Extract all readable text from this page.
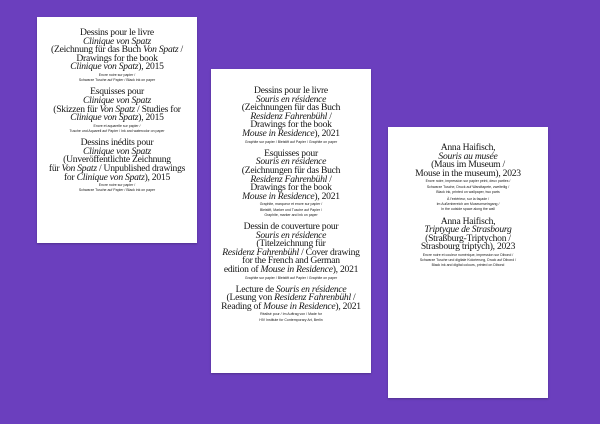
Dessins pour le livre
Clinique von Spatz
(Zeichnung für das Buch Von Spatz /
Drawings for the book
Clinique von Spatz), 2015
Encre noire sur papier /
Schwarze Tusche auf Papier / Black ink on paper
Esquisses pour
Clinique von Spatz
(Skizzen für Von Spatz / Studies for
Clinique von Spatz), 2015
Encre et aquarelle sur papier /
Tusche und Aquarell auf Papier / Ink and watercolor on paper
Dessins inédits pour
Clinique von Spatz
(Unveröffentlichte Zeichnung
für Von Spatz / Unpublished drawings
for Clinique von Spatz), 2015
Encre noire sur papier /
Schwarze Tusche auf Papier / Black ink on paper
Dessins pour le livre
Souris en résidence
(Zeichnungen für das Buch
Residenz Fahrenbühl /
Drawings for the book
Mouse in Residence), 2021
Graphite sur papier / Bleistift auf Papier / Graphite on paper
Esquisses pour
Souris en résidence
(Zeichnungen für das Buch
Residenz Fahrenbühl /
Drawings for the book
Mouse in Residence), 2021
Graphite, marqueur et encre sur papier /
Bleistift, Marker und Tusche auf Papier /
Graphite, marker and ink on paper
Dessin de couverture pour
Souris en résidence
(Titelzeichnung für
Residenz Fahrenbühl / Cover drawing
for the French and German
edition of Mouse in Residence), 2021
Graphite sur papier / Bleistift auf Papier / Graphite on paper
Lecture de Souris en résidence
(Lesung von Residenz Fahrenbühl /
Reading of Mouse in Residence), 2021
Réalisé pour / Im Auftrag von / Made for
HIV Institute for Contemporary Art, Berlin
Anna Haifisch,
Souris au musée
(Maus im Museum /
Mouse in the museum), 2023
Encre noire, impression sur papier peint, deux parties /
Schwarze Tusche, Druck auf Wandtapete, zweiteilig /
Black ink, printed on wallpaper, two parts
À l'extérieur, sur la façade /
Im Außenbereich am Museumseingang /
In the outside space along the wall
Anna Haifisch,
Triptyque de Strasbourg
(Straßburg-Triptychon /
Strasbourg triptych), 2023
Encre noire et couleur numérique, impression sur Dibond /
Schwarze Tusche und digitale Kolorierung, Druck auf Dibond /
Black ink and digital colours, printed on Dibond
